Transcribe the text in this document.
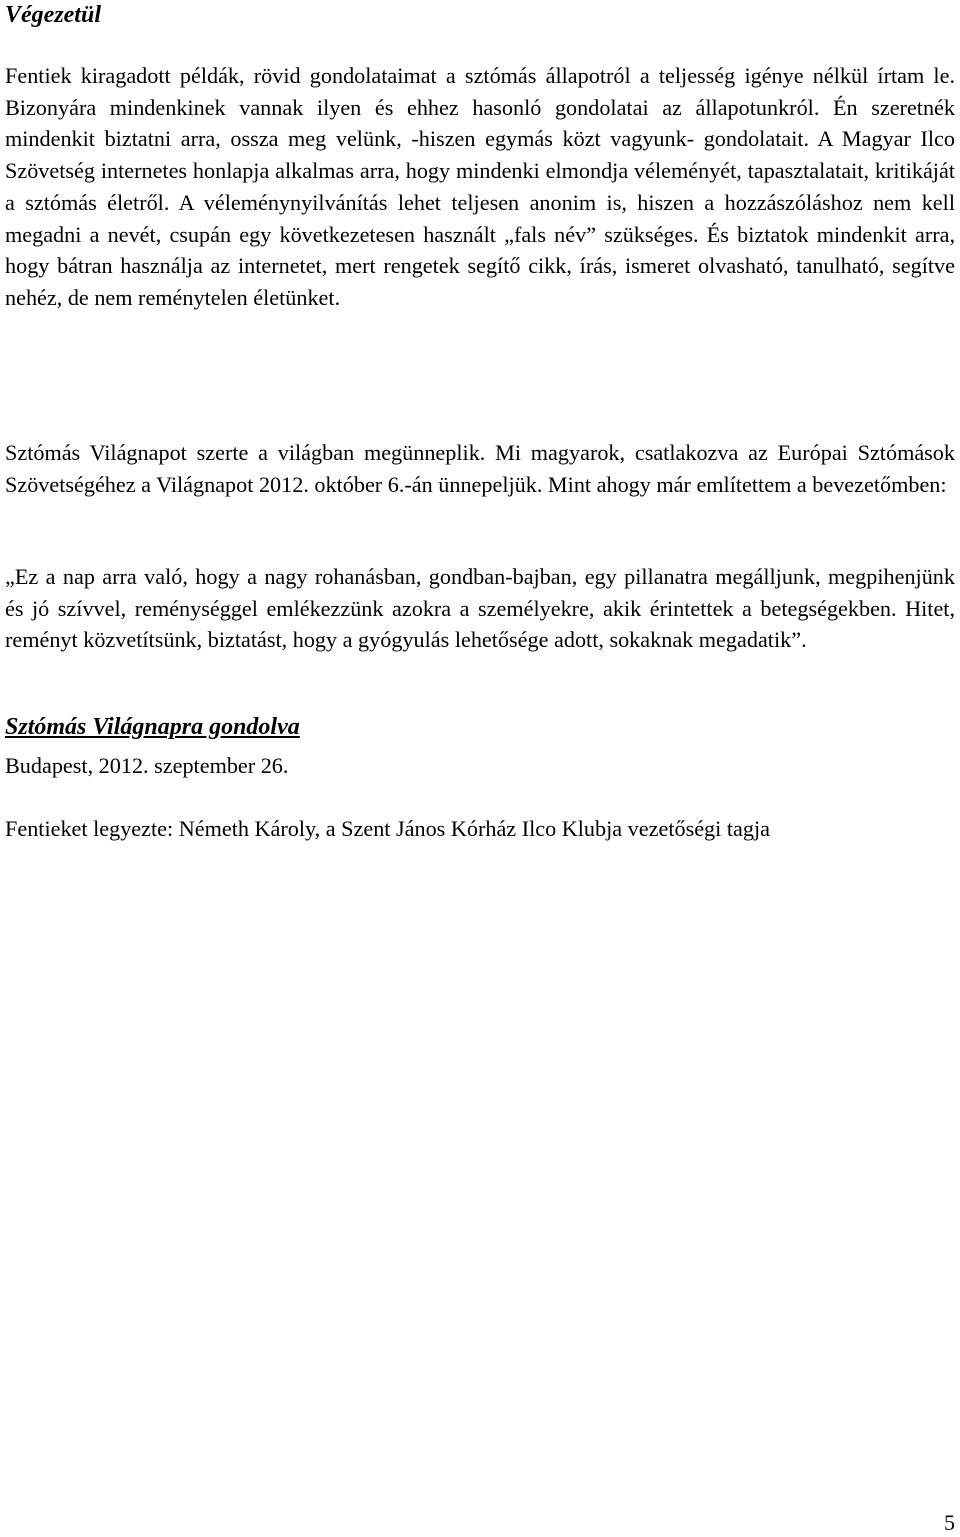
Végezetül

Fentiek kiragadott példák, rövid gondolataimat a sztómás állapotról a teljesség igénye nélkül írtam le. Bizonyára mindenkinek vannak ilyen és ehhez hasonló gondolatai az állapotunkról. Én szeretnék mindenkit biztatni arra, ossza meg velünk, -hiszen egymás közt vagyunk- gondolatait. A Magyar Ilco Szövetség internetes honlapja alkalmas arra, hogy mindenki elmondja véleményét, tapasztalatait, kritikáját a sztómás életről. A véleménynyilvánítás lehet teljesen anonim is, hiszen a hozzászóláshoz nem kell megadni a nevét, csupán egy következetesen használt „fals név” szükséges. És biztatok mindenkit arra, hogy bátran használja az internetet, mert rengetek segítő cikk, írás, ismeret olvasható, tanulható, segítve nehéz, de nem reménytelen életünket.

Sztómás Világnapra gondolva

Sztómás Világnapot szerte a világban megünneplik. Mi magyarok, csatlakozva az Európai Sztómások Szövetségéhez a Világnapot 2012. október 6.-án ünnepeljük. Mint ahogy már említettem a bevezetőmben:

„Ez a nap arra való, hogy a nagy rohanásban, gondban-bajban, egy pillanatra megálljunk, megpihenjünk és jó szívvel, reménységgel emlékezzünk azokra a személyekre, akik érintettek a betegségekben. Hitet, reményt közvetítsünk, biztatást, hogy a gyógyulás lehetősége adott, sokaknak megadatik”.

Budapest, 2012. szeptember 26.

Fentieket legyezte: Németh Károly, a Szent János Kórház Ilco Klubja vezetőségi tagja

5
